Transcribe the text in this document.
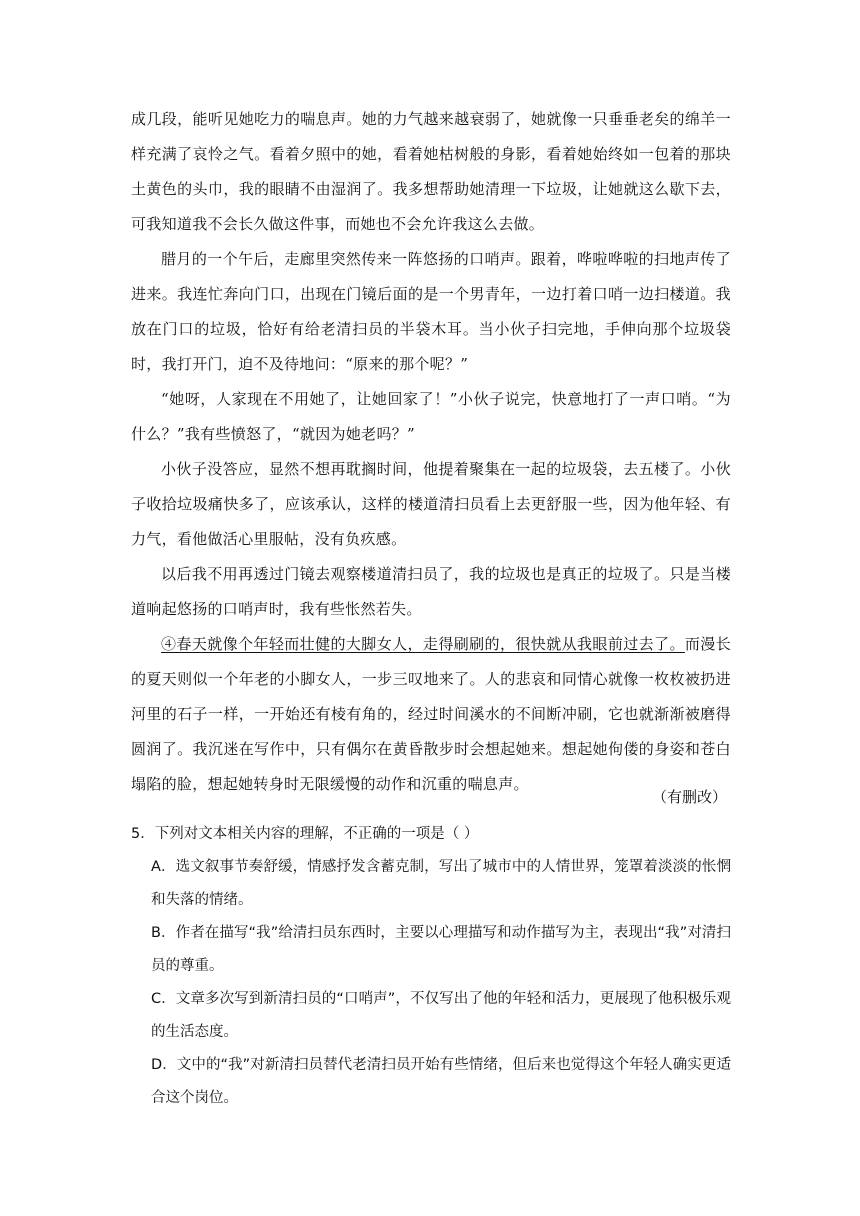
成几段，能听见她吃力的喘息声。她的力气越来越衰弱了，她就像一只垂垂老矣的绵羊一样充满了哀怜之气。看着夕照中的她，看着她枯树般的身影，看着她始终如一包着的那块土黄色的头巾，我的眼睛不由湿润了。我多想帮助她清理一下垃圾，让她就这么歇下去，可我知道我不会长久做这件事，而她也不会允许我这么去做。

腊月的一个午后，走廊里突然传来一阵悠扬的口哨声。跟着，哗啦哗啦的扫地声传了进来。我连忙奔向门口，出现在门镜后面的是一个男青年，一边打着口哨一边扫楼道。我放在门口的垃圾，恰好有给老清扫员的半袋木耳。当小伙子扫完地，手伸向那个垃圾袋时，我打开门，迫不及待地问：“原来的那个呢？”

“她呀，人家现在不用她了，让她回家了！”小伙子说完，快意地打了一声口哨。“为什么？”我有些愤怒了，“就因为她老吗？”

小伙子没答应，显然不想再耽搁时间，他提着聚集在一起的垃圾袋，去五楼了。小伙子收拾垃圾痛快多了，应该承认，这样的楼道清扫员看上去更舒服一些，因为他年轻、有力气，看他做活心里服帖，没有负疚感。

以后我不用再透过门镜去观察楼道清扫员了，我的垃圾也是真正的垃圾了。只是当楼道响起悠扬的口哨声时，我有些怅然若失。

④春天就像个年轻而壮健的大脚女人，走得刷刷的，很快就从我眼前过去了。而漫长的夏天则似一个年老的小脚女人，一步三叹地来了。人的悲哀和同情心就像一枚枚被扔进河里的石子一样，一开始还有棱有角的，经过时间溪水的不间断冲刷，它也就渐渐被磨得圆润了。我沉迷在写作中，只有偶尔在黄昏散步时会想起她来。想起她佝偻的身姿和苍白塌陷的脸，想起她转身时无限缓慢的动作和沉重的喘息声。

（有删改）

5．下列对文本相关内容的理解，不正确的一项是（ ）

A．选文叙事节奏舒缓，情感抒发含蓄克制，写出了城市中的人情世界，笼罩着淡淡的怅惘和失落的情绪。

B．作者在描写“我”给清扫员东西时，主要以心理描写和动作描写为主，表现出“我”对清扫员的尊重。

C．文章多次写到新清扫员的“口哨声”，不仅写出了他的年轻和活力，更展现了他积极乐观的生活态度。

D．文中的“我”对新清扫员替代老清扫员开始有些情绪，但后来也觉得这个年轻人确实更适合这个岗位。
